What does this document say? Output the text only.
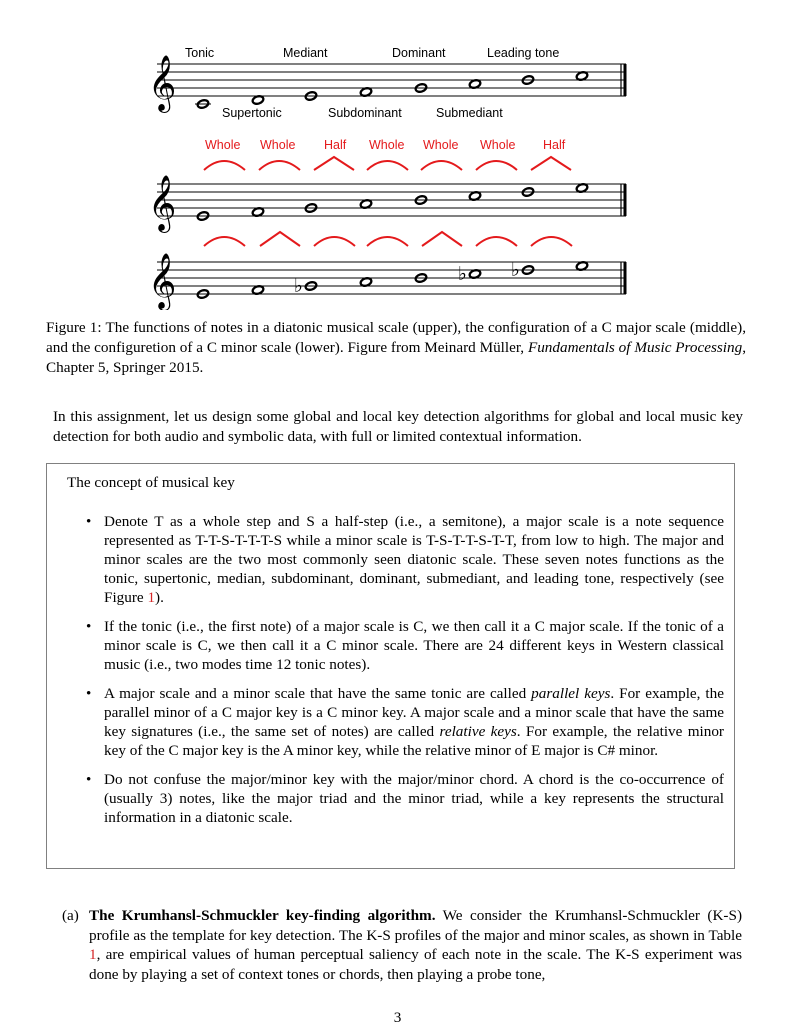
𝄞
Tonic	Mediant	Dominant	Leading tone
Supertonic	Subdominant	Submediant
Whole Whole Half Whole Whole Whole Half
𝄞
𝄞	♭
♭ ♭
Figure 1: The functions of notes in a diatonic musical scale (upper), the configuration of a C major scale (middle), and the configuretion of a C minor scale (lower). Figure from Meinard Müller, Fundamentals of Music Processing, Chapter 5, Springer 2015.
In this assignment, let us design some global and local key detection algorithms for global and local music key detection for both audio and symbolic data, with full or limited contextual information.
The concept of musical key
• Denote T as a whole step and S a half-step (i.e., a semitone), a major scale is a note sequence represented as T-T-S-T-T-T-S while a minor scale is T-S-T-T-S-T-T, from low to high. The major and minor scales are the two most commonly seen diatonic scale. These seven notes functions as the tonic, supertonic, median, subdominant, dominant, submediant, and leading tone, respectively (see Figure 1).
• If the tonic (i.e., the first note) of a major scale is C, we then call it a C major scale. If the tonic of a minor scale is C, we then call it a C minor scale. There are 24 different keys in Western classical music (i.e., two modes time 12 tonic notes).
• A major scale and a minor scale that have the same tonic are called parallel keys. For example, the parallel minor of a C major key is a C minor key. A major scale and a minor scale that have the same key signatures (i.e., the same set of notes) are called relative keys. For example, the relative minor key of the C major key is the A minor key, while the relative minor of E major is C# minor.
• Do not confuse the major/minor key with the major/minor chord. A chord is the co-occurrence of (usually 3) notes, like the major triad and the minor triad, while a key represents the structural information in a diatonic scale.
(a) The Krumhansl-Schmuckler key-finding algorithm. We consider the Krumhansl-Schmuckler (K-S) profile as the template for key detection. The K-S profiles of the major and minor scales, as shown in Table 1, are empirical values of human perceptual saliency of each note in the scale. The K-S experiment was done by playing a set of context tones or chords, then playing a probe tone,
3
